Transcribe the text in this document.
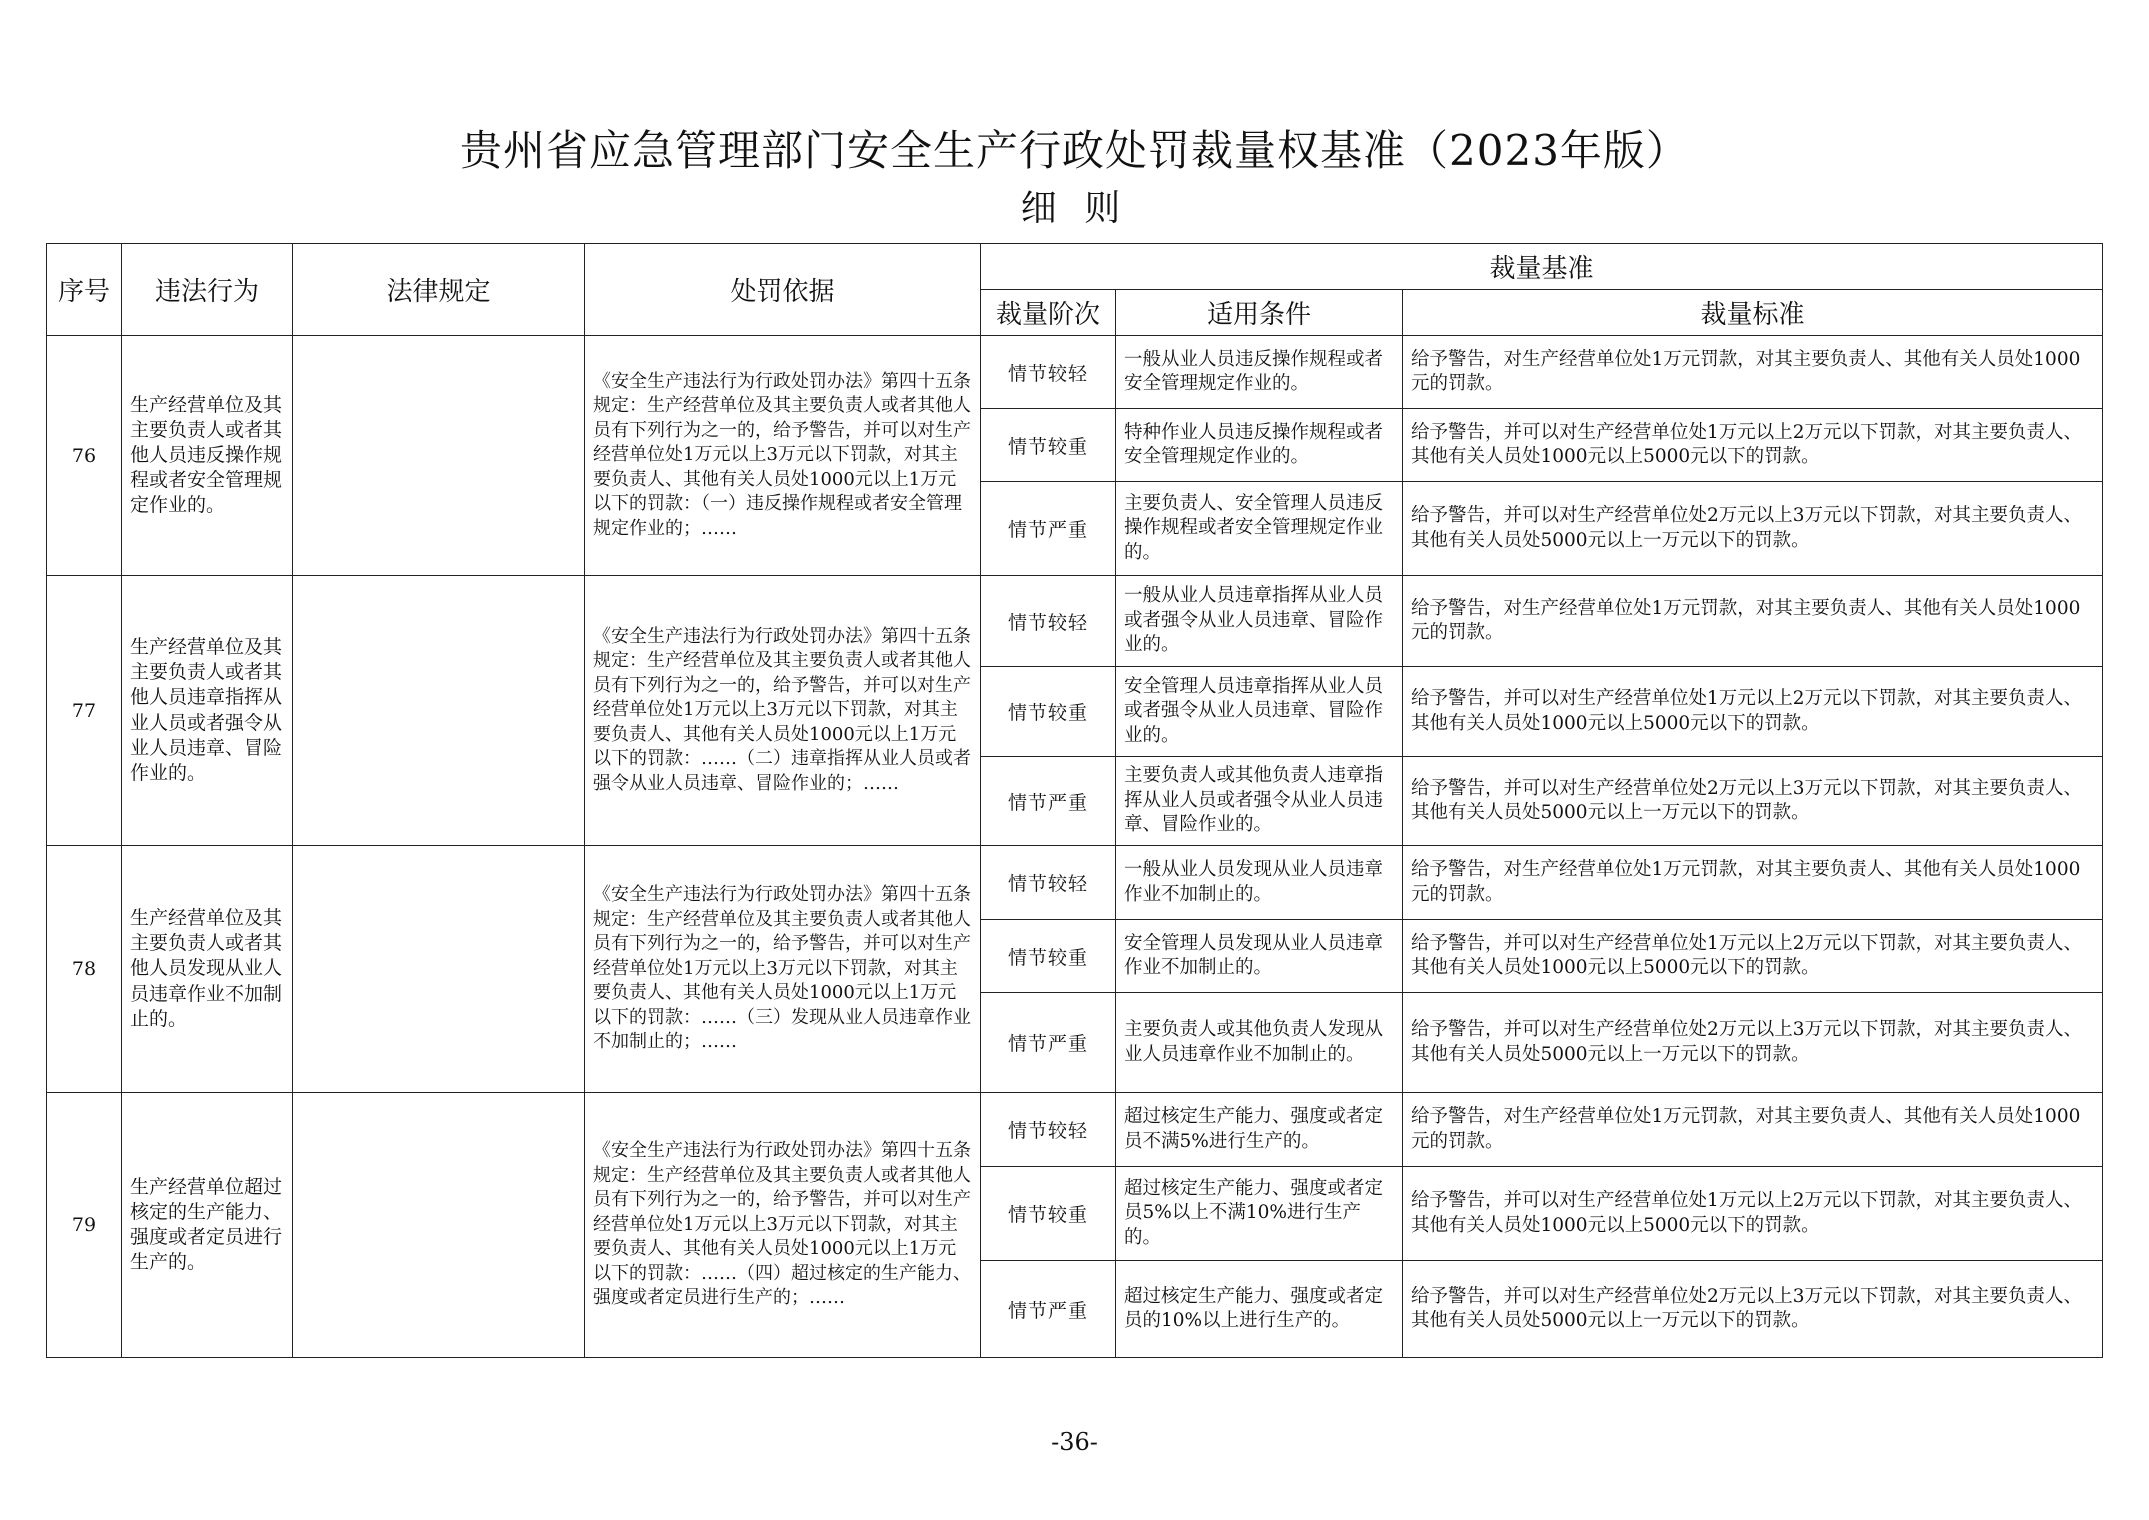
贵州省应急管理部门安全生产行政处罚裁量权基准（2023年版）
细 则
序号	违法行为	法律规定	处罚依据	裁量基准		
				裁量阶次	适用条件	裁量标准
76	生产经营单位及其主要负责人或者其他人员违反操作规程或者安全管理规定作业的。		《安全生产违法行为行政处罚办法》第四十五条规定：生产经营单位及其主要负责人或者其他人员有下列行为之一的，给予警告，并可以对生产经营单位处1万元以上3万元以下罚款，对其主要负责人、其他有关人员处1000元以上1万元以下的罚款：（一）违反操作规程或者安全管理规定作业的；……	情节较轻	一般从业人员违反操作规程或者安全管理规定作业的。	给予警告，对生产经营单位处1万元罚款，对其主要负责人、其他有关人员处1000元的罚款。
				情节较重	特种作业人员违反操作规程或者安全管理规定作业的。	给予警告，并可以对生产经营单位处1万元以上2万元以下罚款，对其主要负责人、其他有关人员处1000元以上5000元以下的罚款。
				情节严重	主要负责人、安全管理人员违反操作规程或者安全管理规定作业的。	给予警告，并可以对生产经营单位处2万元以上3万元以下罚款，对其主要负责人、其他有关人员处5000元以上一万元以下的罚款。
77	生产经营单位及其主要负责人或者其他人员违章指挥从业人员或者强令从业人员违章、冒险作业的。		《安全生产违法行为行政处罚办法》第四十五条规定：生产经营单位及其主要负责人或者其他人员有下列行为之一的，给予警告，并可以对生产经营单位处1万元以上3万元以下罚款，对其主要负责人、其他有关人员处1000元以上1万元以下的罚款：……（二）违章指挥从业人员或者强令从业人员违章、冒险作业的；……	情节较轻	一般从业人员违章指挥从业人员或者强令从业人员违章、冒险作业的。	给予警告，对生产经营单位处1万元罚款，对其主要负责人、其他有关人员处1000元的罚款。
				情节较重	安全管理人员违章指挥从业人员或者强令从业人员违章、冒险作业的。	给予警告，并可以对生产经营单位处1万元以上2万元以下罚款，对其主要负责人、其他有关人员处1000元以上5000元以下的罚款。
				情节严重	主要负责人或其他负责人违章指挥从业人员或者强令从业人员违章、冒险作业的。	给予警告，并可以对生产经营单位处2万元以上3万元以下罚款，对其主要负责人、其他有关人员处5000元以上一万元以下的罚款。
78	生产经营单位及其主要负责人或者其他人员发现从业人员违章作业不加制止的。		《安全生产违法行为行政处罚办法》第四十五条规定：生产经营单位及其主要负责人或者其他人员有下列行为之一的，给予警告，并可以对生产经营单位处1万元以上3万元以下罚款，对其主要负责人、其他有关人员处1000元以上1万元以下的罚款：……（三）发现从业人员违章作业不加制止的；……	情节较轻	一般从业人员发现从业人员违章作业不加制止的。	给予警告，对生产经营单位处1万元罚款，对其主要负责人、其他有关人员处1000元的罚款。
				情节较重	安全管理人员发现从业人员违章作业不加制止的。	给予警告，并可以对生产经营单位处1万元以上2万元以下罚款，对其主要负责人、其他有关人员处1000元以上5000元以下的罚款。
				情节严重	主要负责人或其他负责人发现从业人员违章作业不加制止的。	给予警告，并可以对生产经营单位处2万元以上3万元以下罚款，对其主要负责人、其他有关人员处5000元以上一万元以下的罚款。
79	生产经营单位超过核定的生产能力、强度或者定员进行生产的。		《安全生产违法行为行政处罚办法》第四十五条规定：生产经营单位及其主要负责人或者其他人员有下列行为之一的，给予警告，并可以对生产经营单位处1万元以上3万元以下罚款，对其主要负责人、其他有关人员处1000元以上1万元以下的罚款：……（四）超过核定的生产能力、强度或者定员进行生产的；……	情节较轻	超过核定生产能力、强度或者定员不满5%进行生产的。	给予警告，对生产经营单位处1万元罚款，对其主要负责人、其他有关人员处1000元的罚款。
				情节较重	超过核定生产能力、强度或者定员5%以上不满10%进行生产的。	给予警告，并可以对生产经营单位处1万元以上2万元以下罚款，对其主要负责人、其他有关人员处1000元以上5000元以下的罚款。
				情节严重	超过核定生产能力、强度或者定员的10%以上进行生产的。	给予警告，并可以对生产经营单位处2万元以上3万元以下罚款，对其主要负责人、其他有关人员处5000元以上一万元以下的罚款。
-36-
